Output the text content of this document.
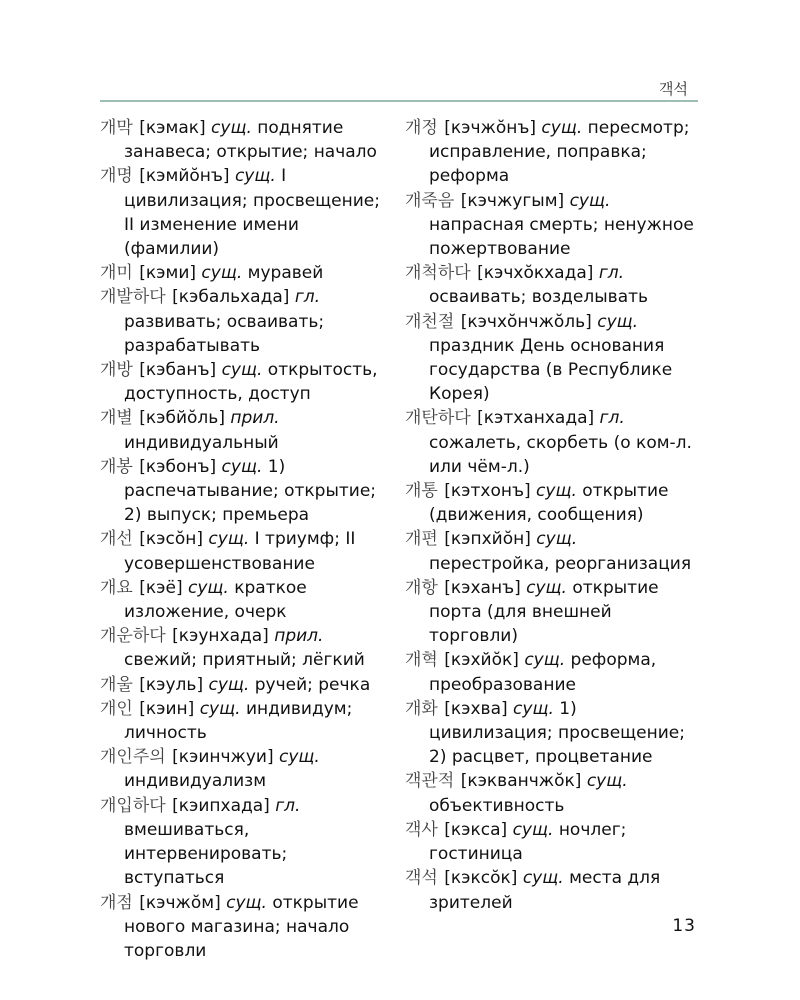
객석
개막 [кэмак] сущ. поднятие занавеса; открытие; начало
개명 [кэмйŏнъ] сущ. I цивилизация; просвещение; II изменение имени (фамилии)
개미 [кэми] сущ. муравей
개발하다 [кэбальхада] гл. развивать; осваивать; разрабатывать
개방 [кэбанъ] сущ. открытость, доступность, доступ
개별 [кэбйŏль] прил. индивидуальный
개봉 [кэбонъ] сущ. 1) распечатывание; открытие; 2) выпуск; премьера
개선 [кэсŏн] сущ. I триумф; II усовершенствование
개요 [кэё] сущ. краткое изложение, очерк
개운하다 [кэунхада] прил. свежий; приятный; лёгкий
개울 [кэуль] сущ. ручей; речка
개인 [кэин] сущ. индивидум; личность
개인주의 [кэинчжуи] сущ. индивидуализм
개입하다 [кэипхада] гл. вмешиваться, интервенировать; вступаться
개점 [кэчжŏм] сущ. открытие нового магазина; начало торговли
개정 [кэчжŏнъ] сущ. пересмотр; исправление, поправка; реформа
개죽음 [кэчжугым] сущ. напрасная смерть; ненужное пожертвование
개척하다 [кэчхŏкхада] гл. осваивать; возделывать
개천절 [кэчхŏнчжŏль] сущ. праздник День основания государства (в Республике Корея)
개탄하다 [кэтханхада] гл. сожалеть, скорбеть (о ком-л. или чём-л.)
개통 [кэтхонъ] сущ. открытие (движения, сообщения)
개편 [кэпхйŏн] сущ. перестройка, реорганизация
개항 [кэханъ] сущ. открытие порта (для внешней торговли)
개혁 [кэхйŏк] сущ. реформа, преобразование
개화 [кэхва] сущ. 1) цивилизация; просвещение; 2) расцвет, процветание
객관적 [кэкванчжŏк] сущ. объективность
객사 [кэкса] сущ. ночлег; гостиница
객석 [кэксŏк] сущ. места для зрителей
13
